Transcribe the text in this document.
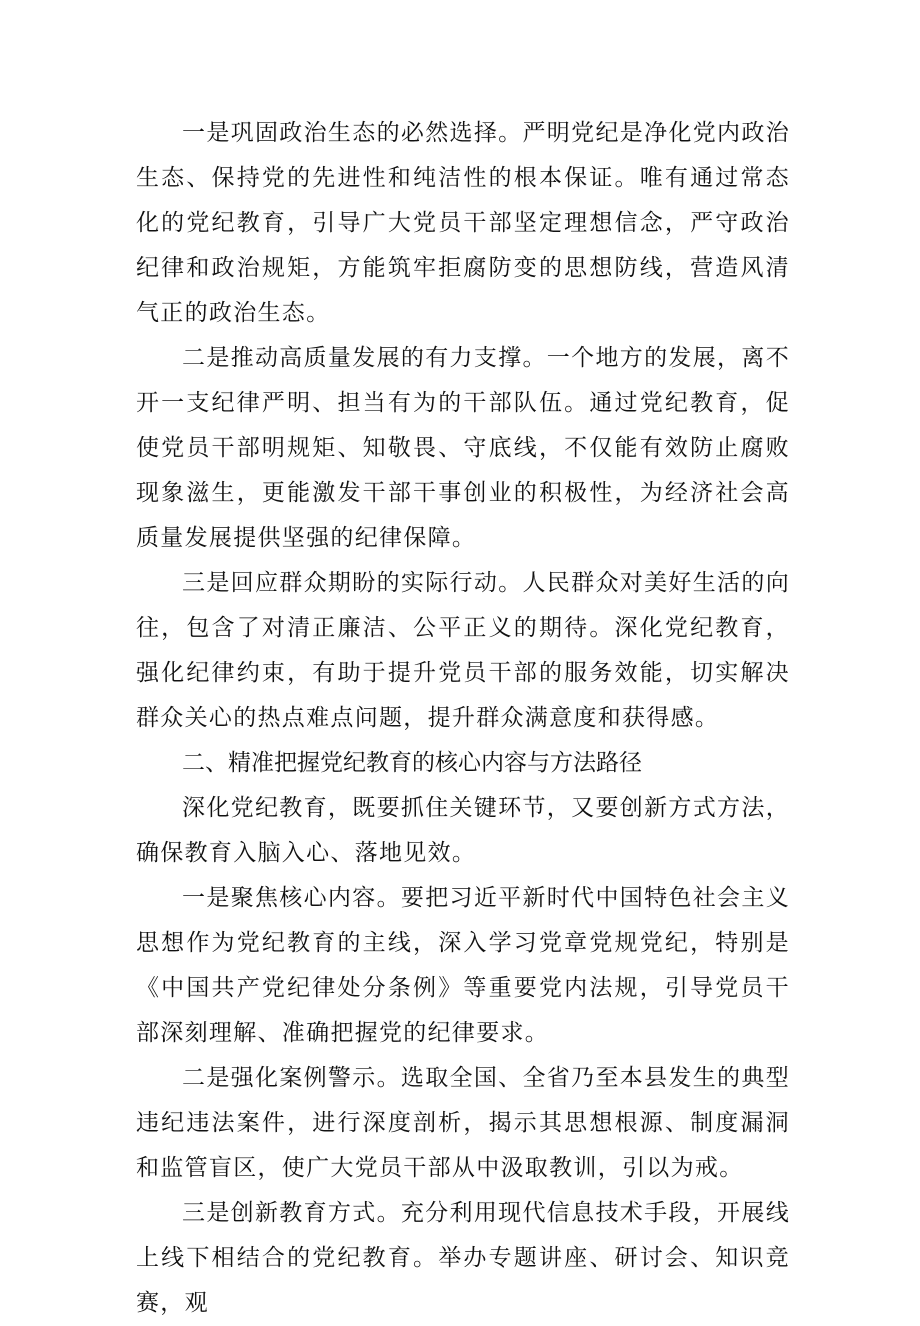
一是巩固政治生态的必然选择。严明党纪是净化党内政治生态、保持党的先进性和纯洁性的根本保证。唯有通过常态化的党纪教育，引导广大党员干部坚定理想信念，严守政治纪律和政治规矩，方能筑牢拒腐防变的思想防线，营造风清气正的政治生态。

二是推动高质量发展的有力支撑。一个地方的发展，离不开一支纪律严明、担当有为的干部队伍。通过党纪教育，促使党员干部明规矩、知敬畏、守底线，不仅能有效防止腐败现象滋生，更能激发干部干事创业的积极性，为经济社会高质量发展提供坚强的纪律保障。

三是回应群众期盼的实际行动。人民群众对美好生活的向往，包含了对清正廉洁、公平正义的期待。深化党纪教育，强化纪律约束，有助于提升党员干部的服务效能，切实解决群众关心的热点难点问题，提升群众满意度和获得感。

二、精准把握党纪教育的核心内容与方法路径

深化党纪教育，既要抓住关键环节，又要创新方式方法，确保教育入脑入心、落地见效。

一是聚焦核心内容。要把习近平新时代中国特色社会主义思想作为党纪教育的主线，深入学习党章党规党纪，特别是《中国共产党纪律处分条例》等重要党内法规，引导党员干部深刻理解、准确把握党的纪律要求。

二是强化案例警示。选取全国、全省乃至本县发生的典型违纪违法案件，进行深度剖析，揭示其思想根源、制度漏洞和监管盲区，使广大党员干部从中汲取教训，引以为戒。

三是创新教育方式。充分利用现代信息技术手段，开展线上线下相结合的党纪教育。举办专题讲座、研讨会、知识竞赛，观
